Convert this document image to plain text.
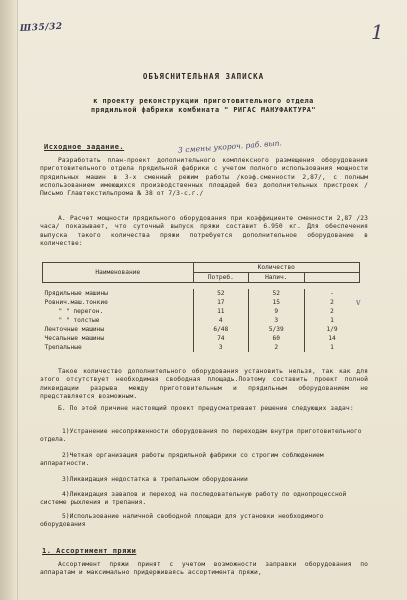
Ш35/32	1
ОБЪЯСНИТЕЛЬНАЯ ЗАПИСКА
к проекту реконструкции приготовительного отдела
прядильной фабрики комбината " РИГАС МАНУФАКТУРА"
Исходное задание.	3 смены укороч. раб. вып.
Разработать план-проект дополнительного комплексного размещения оборудования приготовительного отдела прядильной фабрики с учетом полного использования мощности прядильных машин в 3-х сменный режим работы /коэф.сменности 2,87/, с полным использованием имеющихся производственных площадей без дополнительных пристроек /Письмо Главтекстильпрома № 38 от 7/3-с.г./
А. Расчет мощности прядильного оборудования при коэффициенте сменности 2,87 /23 часа/ показывает, что суточный выпуск пряжи составит 6.950 кг. Для обеспечения выпуска такого количества пряжи потребуется дополнительное оборудование в количестве:
Наименование	Количество		
	Потреб.	Налич.	

Прядильные машины	52	52	-
Ровнич.маш.тонкие	17	15	2
" " перегон.	11	9	2
" " толстые	4	3	1
Ленточные машины	6/48	5/39	1/9
Чесальные машины	74	60	14
Трепальные	3	2	1
v
Такое количество дополнительного оборудования установить нельзя, так как для этого отсутствует необходимая свободная площадь.Поэтому составить проект полной ликвидации разрыва между приготовительным и прядильным оборудованием не представляется возможным.
Б. По этой причине настоящий проект предусматривает решение следующих задач:
1)Устранение несопряженности оборудования по переходам внутри приготовительного отдела.
2)Четкая организация работы прядильной фабрики со строгим соблюдением аппаратности.
3)Ликвидация недостатка в трепальном оборудовании
4)Ликвидация завалов и переход на последовательную работу по однопроцессной системе рыхления и трепания.
5)Использование наличной свободной площади для установки необходимого оборудования
1. Ассортимент пряжи
Ассортимент пряжи принят с учетом возможности заправки оборудования по аппаратам и максимально придерживаясь ассортимента пряжи,
